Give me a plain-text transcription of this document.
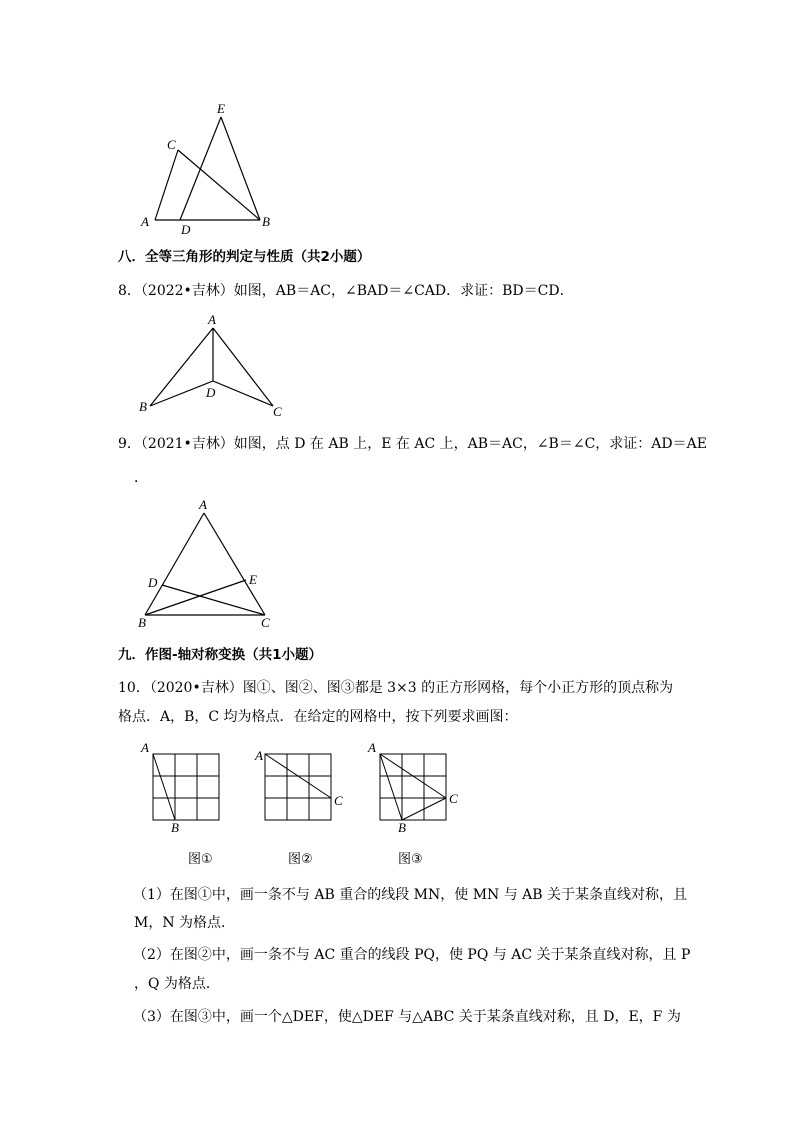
E
C
A
D
B
八．全等三角形的判定与性质（共2小题）
8．（2022•吉林）如图，AB＝AC，∠BAD＝∠CAD．求证：BD＝CD．
A
B
D
C
9．（2021•吉林）如图，点 D 在 AB 上，E 在 AC 上，AB＝AC，∠B＝∠C，求证：AD＝AE
．
A
D	E
B	C
九．作图-轴对称变换（共1小题）
10．（2020•吉林）图①、图②、图③都是 3×3 的正方形网格，每个小正方形的顶点称为
格点．A，B，C 均为格点．在给定的网格中，按下列要求画图：
A
B
A
C
A
B
C
图①	图②	图③
（1）在图①中，画一条不与 AB 重合的线段 MN，使 MN 与 AB 关于某条直线对称，且
M，N 为格点．
（2）在图②中，画一条不与 AC 重合的线段 PQ，使 PQ 与 AC 关于某条直线对称，且 P
，Q 为格点．
（3）在图③中，画一个△DEF，使△DEF 与△ABC 关于某条直线对称，且 D，E，F 为
